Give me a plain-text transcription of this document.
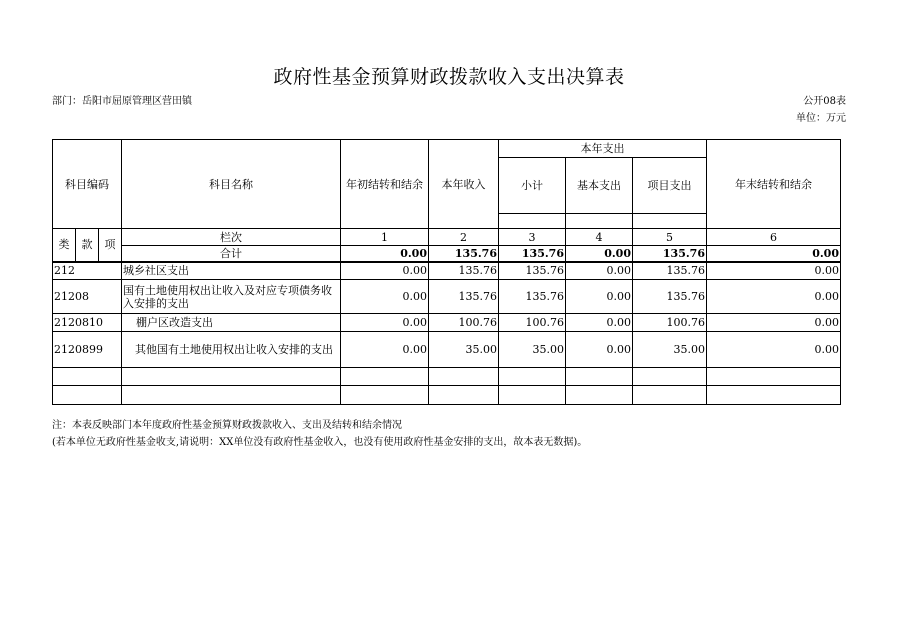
政府性基金预算财政拨款收入支出决算表
部门：岳阳市屈原管理区营田镇	公开08表
单位：万元
科目编码			科目名称	年初结转和结余	本年收入	本年支出			年末结转和结余
						小计	基本支出	项目支出	

类	款	项	栏次	1	2	3	4	5	6
			合计	0.00	135.76	135.76	0.00	135.76	0.00
212			城乡社区支出	0.00	135.76	135.76	0.00	135.76	0.00
21208			国有土地使用权出让收入及对应专项债务收入安排的支出	0.00	135.76	135.76	0.00	135.76	0.00
2120810			棚户区改造支出	0.00	100.76	100.76	0.00	100.76	0.00
2120899			其他国有土地使用权出让收入安排的支出	0.00	35.00	35.00	0.00	35.00	0.00

注：本表反映部门本年度政府性基金预算财政拨款收入、支出及结转和结余情况
(若本单位无政府性基金收支,请说明：XX单位没有政府性基金收入，也没有使用政府性基金安排的支出，故本表无数据)。
